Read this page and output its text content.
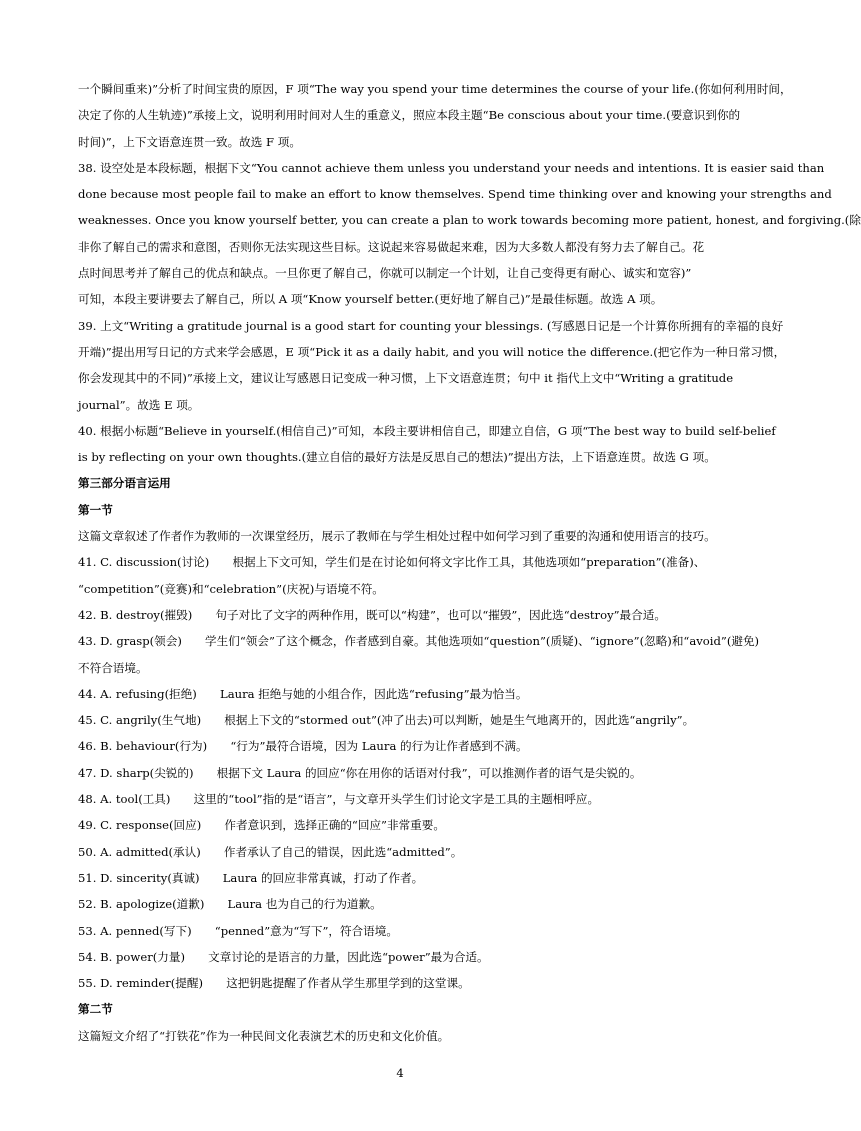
一个瞬间重来)”分析了时间宝贵的原因，F 项“The way you spend your time determines the course of your life.(你如何利用时间，
决定了你的人生轨迹)”承接上文，说明利用时间对人生的重意义，照应本段主题“Be conscious about your time.(要意识到你的
时间)”，上下文语意连贯一致。故选 F 项。
38. 设空处是本段标题，根据下文“You cannot achieve them unless you understand your needs and intentions. It is easier said than
done because most people fail to make an effort to know themselves. Spend time thinking over and knowing your strengths and
weaknesses. Once you know yourself better, you can create a plan to work towards becoming more patient, honest, and forgiving.(除
非你了解自己的需求和意图，否则你无法实现这些目标。这说起来容易做起来难，因为大多数人都没有努力去了解自己。花
点时间思考并了解自己的优点和缺点。一旦你更了解自己，你就可以制定一个计划，让自己变得更有耐心、诚实和宽容)”
可知，本段主要讲要去了解自己，所以 A 项“Know yourself better.(更好地了解自己)”是最佳标题。故选 A 项。
39. 上文“Writing a gratitude journal is a good start for counting your blessings. (写感恩日记是一个计算你所拥有的幸福的良好
开端)”提出用写日记的方式来学会感恩，E 项“Pick it as a daily habit, and you will notice the difference.(把它作为一种日常习惯，
你会发现其中的不同)”承接上文，建议让写感恩日记变成一种习惯，上下文语意连贯；句中 it 指代上文中“Writing a gratitude
journal”。故选 E 项。
40. 根据小标题“Believe in yourself.(相信自己)”可知，本段主要讲相信自己，即建立自信，G 项“The best way to build self-belief
is by reflecting on your own thoughts.(建立自信的最好方法是反思自己的想法)”提出方法，上下语意连贯。故选 G 项。
第三部分语言运用
第一节
这篇文章叙述了作者作为教师的一次课堂经历，展示了教师在与学生相处过程中如何学习到了重要的沟通和使用语言的技巧。
41. C. discussion(讨论)　　根据上下文可知，学生们是在讨论如何将文字比作工具，其他选项如“preparation”(准备)、
“competition”(竞赛)和“celebration”(庆祝)与语境不符。
42. B. destroy(摧毁)　　句子对比了文字的两种作用，既可以“构建”，也可以“摧毁”，因此选“destroy”最合适。
43. D. grasp(领会)　　学生们“领会”了这个概念，作者感到自豪。其他选项如“question”(质疑)、“ignore”(忽略)和“avoid”(避免)
不符合语境。
44. A. refusing(拒绝)　　Laura 拒绝与她的小组合作，因此选“refusing”最为恰当。
45. C. angrily(生气地)　　根据上下文的“stormed out”(冲了出去)可以判断，她是生气地离开的，因此选“angrily”。
46. B. behaviour(行为)　　“行为”最符合语境，因为 Laura 的行为让作者感到不满。
47. D. sharp(尖锐的)　　根据下文 Laura 的回应“你在用你的话语对付我”，可以推测作者的语气是尖锐的。
48. A. tool(工具)　　这里的“tool”指的是“语言”，与文章开头学生们讨论文字是工具的主题相呼应。
49. C. response(回应)　　作者意识到，选择正确的“回应”非常重要。
50. A. admitted(承认)　　作者承认了自己的错误，因此选“admitted”。
51. D. sincerity(真诚)　　Laura 的回应非常真诚，打动了作者。
52. B. apologize(道歉)　　Laura 也为自己的行为道歉。
53. A. penned(写下)　　“penned”意为“写下”，符合语境。
54. B. power(力量)　　文章讨论的是语言的力量，因此选“power”最为合适。
55. D. reminder(提醒)　　这把钥匙提醒了作者从学生那里学到的这堂课。
第二节
这篇短文介绍了“打铁花”作为一种民间文化表演艺术的历史和文化价值。
4
